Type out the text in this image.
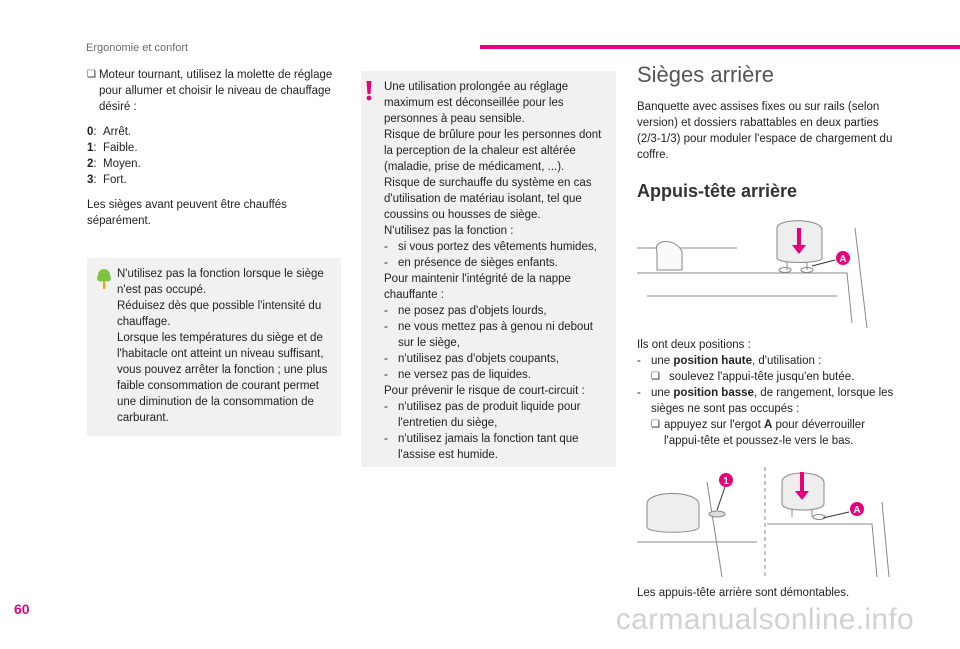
Ergonomie et confort
❏ Moteur tournant, utilisez la molette de réglage pour allumer et choisir le niveau de chauffage désiré :
0:  Arrêt.
1:  Faible.
2:  Moyen.
3:  Fort.
Les sièges avant peuvent être chauffés séparément.
N'utilisez pas la fonction lorsque le siège n'est pas occupé.
Réduisez dès que possible l'intensité du chauffage.
Lorsque les températures du siège et de l'habitacle ont atteint un niveau suffisant, vous pouvez arrêter la fonction ; une plus faible consommation de courant permet une diminution de la consommation de carburant.
Une utilisation prolongée au réglage maximum est déconseillée pour les personnes à peau sensible.
Risque de brûlure pour les personnes dont la perception de la chaleur est altérée (maladie, prise de médicament, ...).
Risque de surchauffe du système en cas d'utilisation de matériau isolant, tel que coussins ou housses de siège.
N'utilisez pas la fonction :
- si vous portez des vêtements humides,
- en présence de sièges enfants.
Pour maintenir l'intégrité de la nappe chauffante :
- ne posez pas d'objets lourds,
- ne vous mettez pas à genou ni debout sur le siège,
- n'utilisez pas d'objets coupants,
- ne versez pas de liquides.
Pour prévenir le risque de court-circuit :
- n'utilisez pas de produit liquide pour l'entretien du siège,
- n'utilisez jamais la fonction tant que l'assise est humide.
Sièges arrière
Banquette avec assises fixes ou sur rails (selon version) et dossiers rabattables en deux parties (2/3-1/3) pour moduler l'espace de chargement du coffre.
Appuis-tête arrière
A
Ils ont deux positions :
- une position haute, d'utilisation :
❏ soulevez l'appui-tête jusqu'en butée.
- une position basse, de rangement, lorsque les sièges ne sont pas occupés :
❏ appuyez sur l'ergot A pour déverrouiller l'appui-tête et poussez-le vers le bas.
1
A
Les appuis-tête arrière sont démontables.
60	carmanualsonline.info
